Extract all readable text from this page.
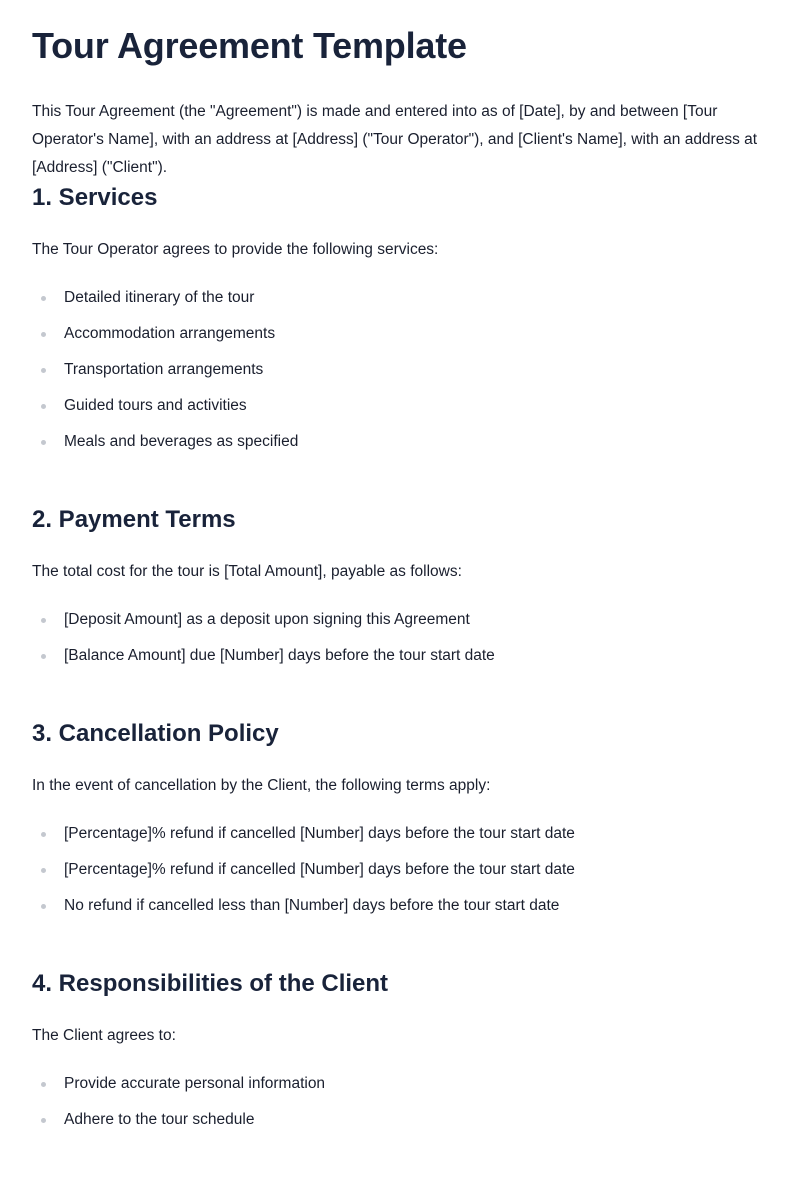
Tour Agreement Template

This Tour Agreement (the "Agreement") is made and entered into as of [Date], by and between [Tour Operator's Name], with an address at [Address] ("Tour Operator"), and [Client's Name], with an address at [Address] ("Client").

1. Services

The Tour Operator agrees to provide the following services:

Detailed itinerary of the tour
Accommodation arrangements
Transportation arrangements
Guided tours and activities
Meals and beverages as specified
2. Payment Terms

The total cost for the tour is [Total Amount], payable as follows:

[Deposit Amount] as a deposit upon signing this Agreement
[Balance Amount] due [Number] days before the tour start date
3. Cancellation Policy

In the event of cancellation by the Client, the following terms apply:

[Percentage]% refund if cancelled [Number] days before the tour start date
[Percentage]% refund if cancelled [Number] days before the tour start date
No refund if cancelled less than [Number] days before the tour start date
4. Responsibilities of the Client

The Client agrees to:

Provide accurate personal information
Adhere to the tour schedule
